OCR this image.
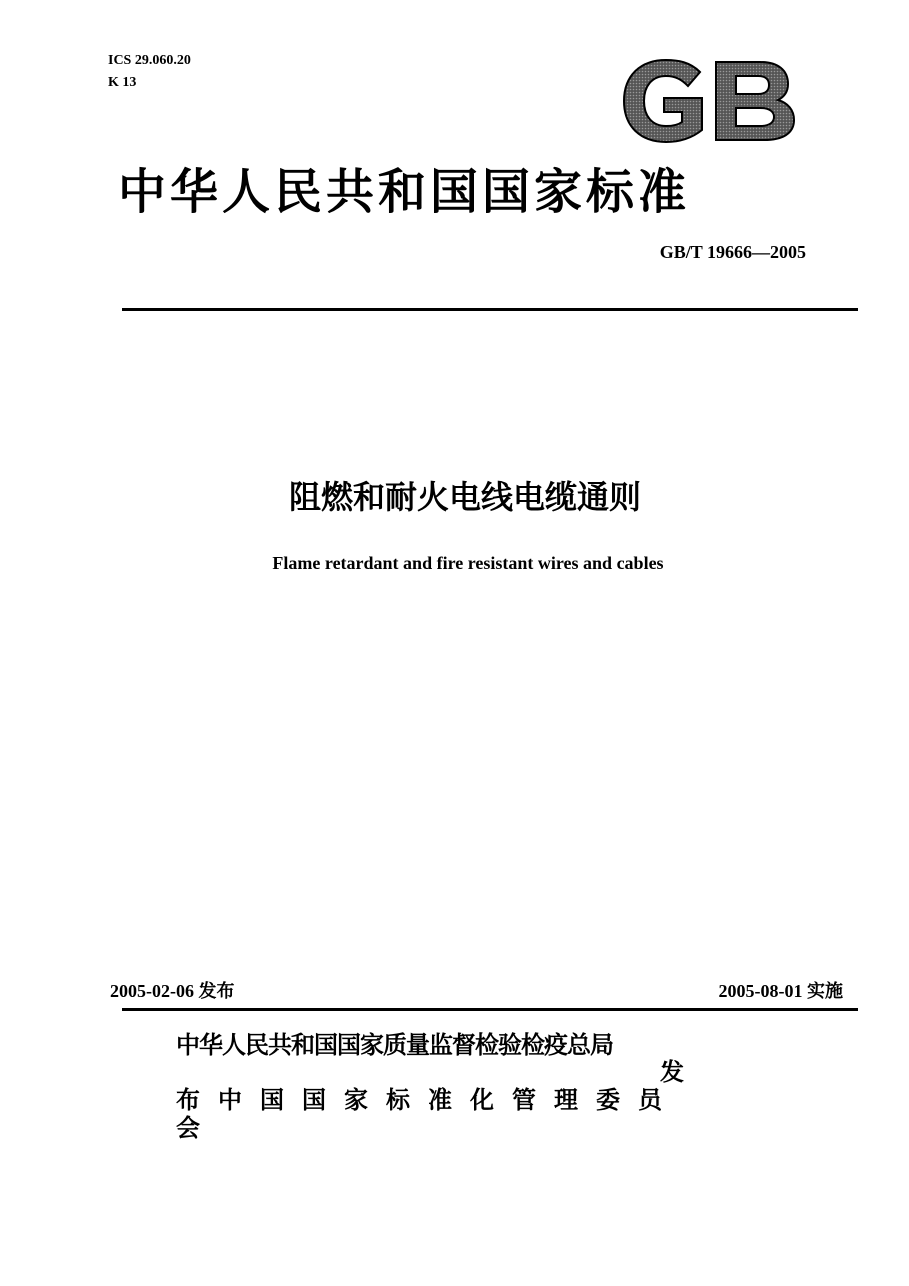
ICS 29.060.20
K 13
中华人民共和国国家标准
GB/T 19666—2005
阻燃和耐火电线电缆通则
Flame retardant and fire resistant wires and cables
2005-02-06 发布	2005-08-01 实施
中华人民共和国国家质量监督检验检疫总局
发
布中国国家标准化管理委员
会
